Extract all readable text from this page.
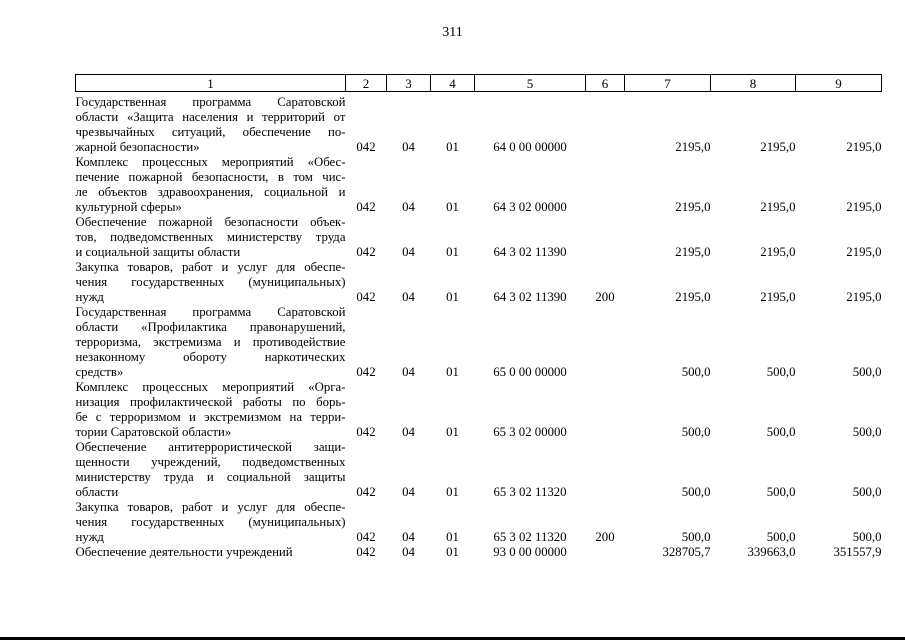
311
1	2	3	4	5	6	7	8	9

Государственная программа Саратовской
области «Защита населения и территорий от
чрезвычайных ситуаций, обеспечение по-
жарной безопасности»	042	04	01	64 0 00 00000		2195,0	2195,0	2195,0

Комплекс процессных мероприятий «Обес-
печение пожарной безопасности, в том чис-
ле объектов здравоохранения, социальной и
культурной сферы»	042	04	01	64 3 02 00000		2195,0	2195,0	2195,0

Обеспечение пожарной безопасности объек-
тов, подведомственных министерству труда
и социальной защиты области	042	04	01	64 3 02 11390		2195,0	2195,0	2195,0

Закупка товаров, работ и услуг для обеспе-
чения государственных (муниципальных)
нужд	042	04	01	64 3 02 11390	200	2195,0	2195,0	2195,0

Государственная программа Саратовской
области «Профилактика правонарушений,
терроризма, экстремизма и противодействие
незаконному обороту наркотических
средств»	042	04	01	65 0 00 00000		500,0	500,0	500,0

Комплекс процессных мероприятий «Орга-
низация профилактической работы по борь-
бе с терроризмом и экстремизмом на терри-
тории Саратовской области»	042	04	01	65 3 02 00000		500,0	500,0	500,0

Обеспечение антитеррористической защи-
щенности учреждений, подведомственных
министерству труда и социальной защиты
области	042	04	01	65 3 02 11320		500,0	500,0	500,0

Закупка товаров, работ и услуг для обеспе-
чения государственных (муниципальных)
нужд	042	04	01	65 3 02 11320	200	500,0	500,0	500,0

Обеспечение деятельности учреждений	042	04	01	93 0 00 00000		328705,7	339663,0	351557,9
